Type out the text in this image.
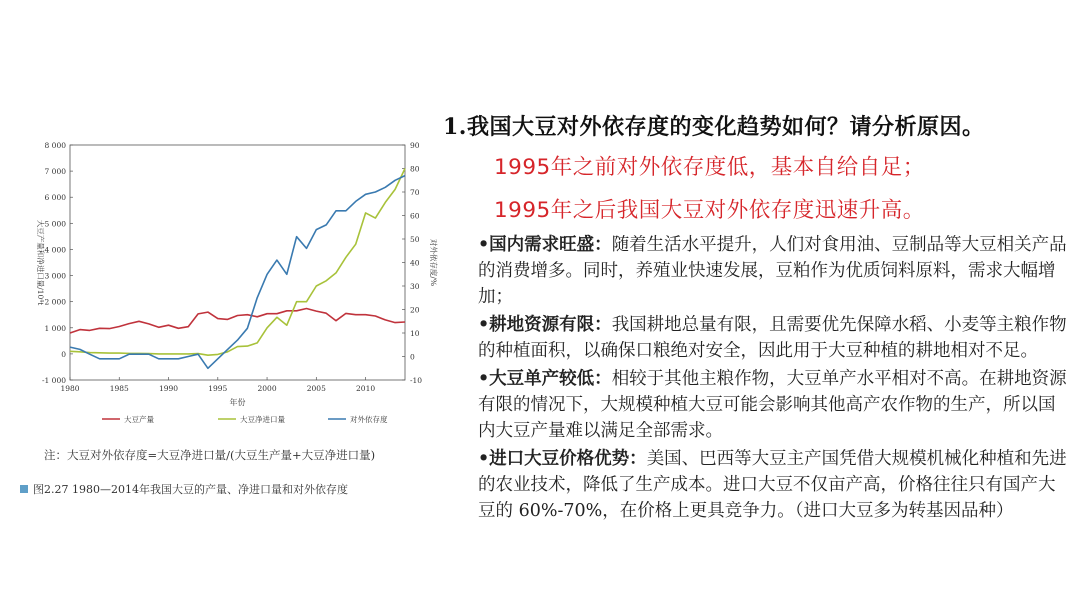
-1 000
0
1 000
2 000
3 000
4 000
5 000
6 000
7 000
8 000
-10
0
10
20
30
40
50
60
70
80
90
1980	1985	1990	1995	2000	2005	2010
年份
大豆产量和净进口量/10⁴t	对外依存度/%
大豆产量	大豆净进口量	对外依存度
注：大豆对外依存度=大豆净进口量/(大豆生产量+大豆净进口量)
图2.27 1980—2014年我国大豆的产量、净进口量和对外依存度
1.我国大豆对外依存度的变化趋势如何？请分析原因。
1995年之前对外依存度低，基本自给自足；
1995年之后我国大豆对外依存度迅速升高。

•国内需求旺盛：随着生活水平提升，人们对食用油、豆制品等大豆相关产品的消费增多。同时，养殖业快速发展，豆粕作为优质饲料原料，需求大幅增加；

•耕地资源有限：我国耕地总量有限，且需要优先保障水稻、小麦等主粮作物的种植面积，以确保口粮绝对安全，因此用于大豆种植的耕地相对不足。

•大豆单产较低：相较于其他主粮作物，大豆单产水平相对不高。在耕地资源有限的情况下，大规模种植大豆可能会影响其他高产农作物的生产，所以国内大豆产量难以满足全部需求。

•进口大豆价格优势：美国、巴西等大豆主产国凭借大规模机械化种植和先进的农业技术，降低了生产成本。进口大豆不仅亩产高，价格往往只有国产大豆的 60%-70%，在价格上更具竞争力。（进口大豆多为转基因品种）
